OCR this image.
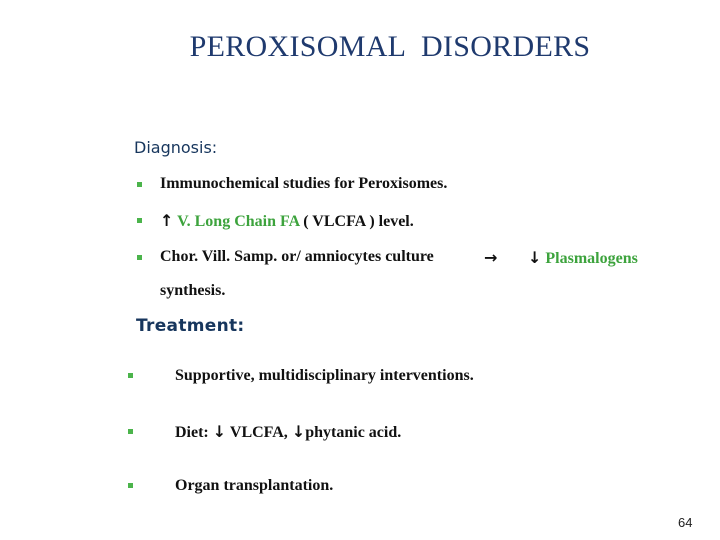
PEROXISOMAL DISORDERS
Diagnosis:
Immunochemical studies for Peroxisomes.
↑ V. Long Chain FA ( VLCFA ) level.
Chor. Vill. Samp. or/ amniocytes culture	→ ↓ Plasmalogens
synthesis.
Treatment:
Supportive, multidisciplinary interventions.
Diet: ↓ VLCFA, ↓phytanic acid.
Organ transplantation.
64
